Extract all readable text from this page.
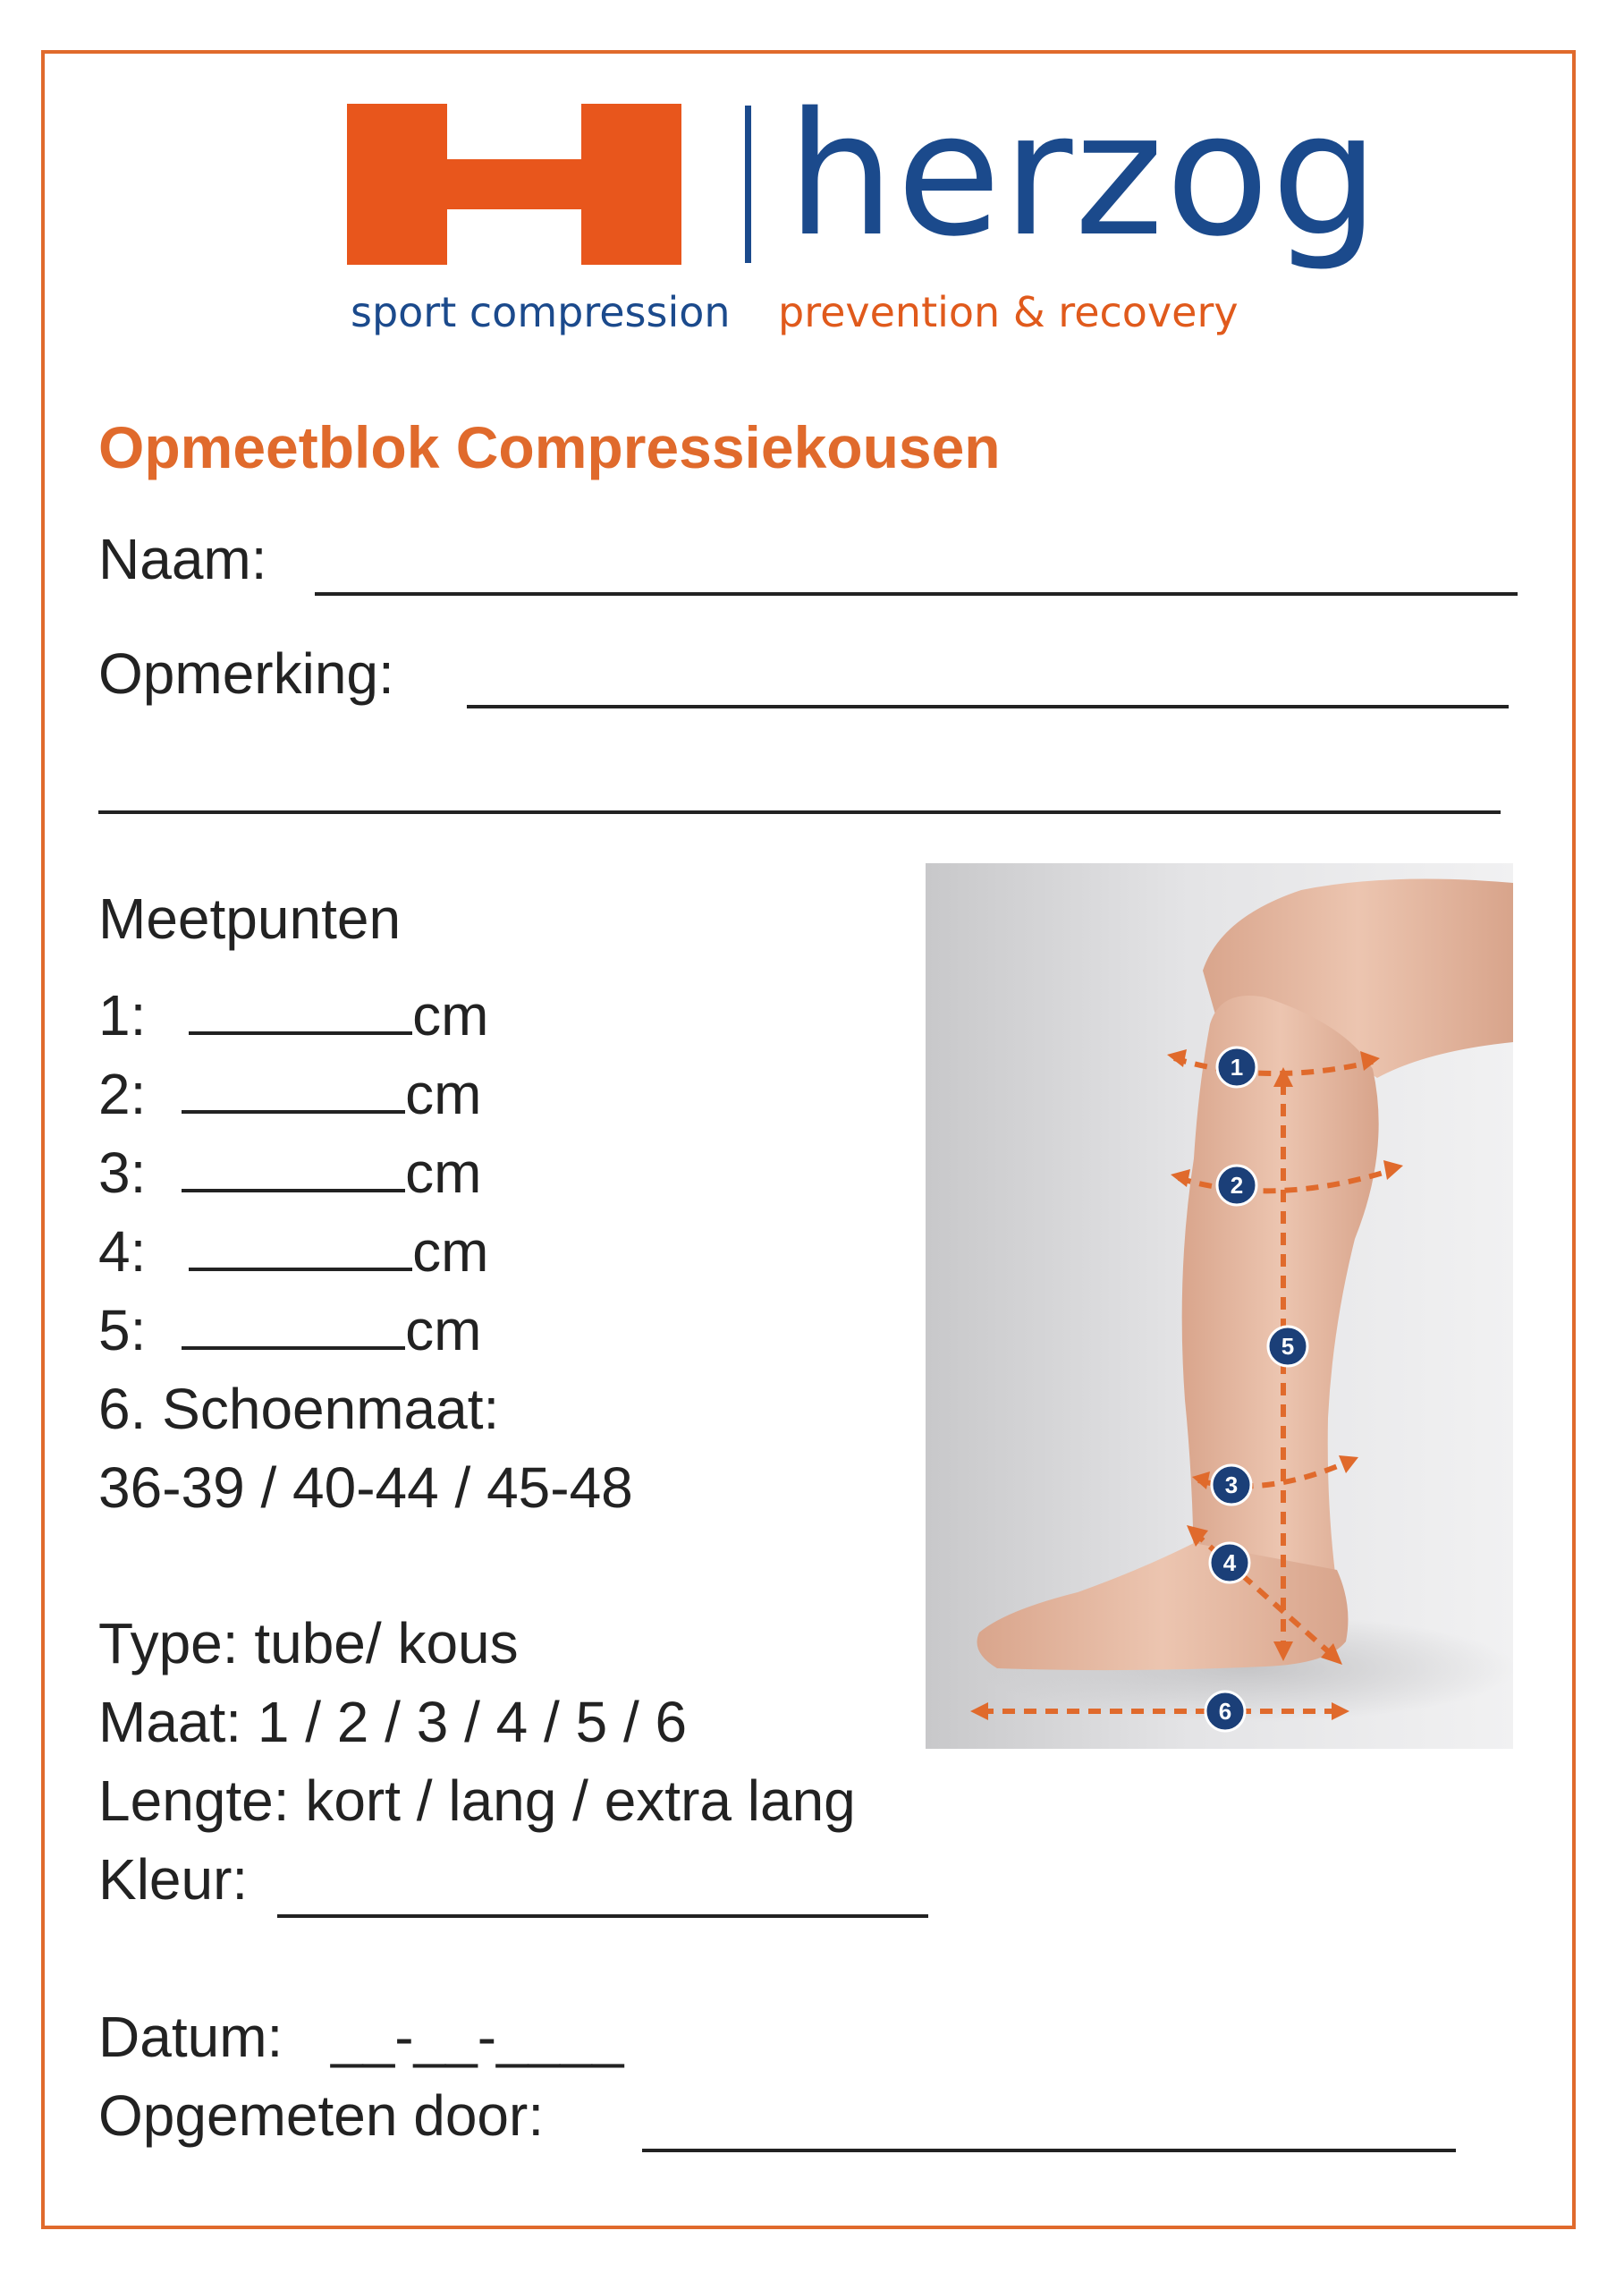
herzog
sport compression prevention & recovery
Opmeetblok Compressiekousen
Naam:
Opmerking:
Meetpunten
1:	cm
2:	cm
3:	cm
4:	cm
5:	cm
6. Schoenmaat:
36-39 / 40-44 / 45-48
Type: tube/ kous
Maat: 1 / 2 / 3 / 4 / 5 / 6
Lengte: kort / lang / extra lang
Kleur:
Datum: __-__-____
Opgemeten door:
1
2
5
3
4
6
